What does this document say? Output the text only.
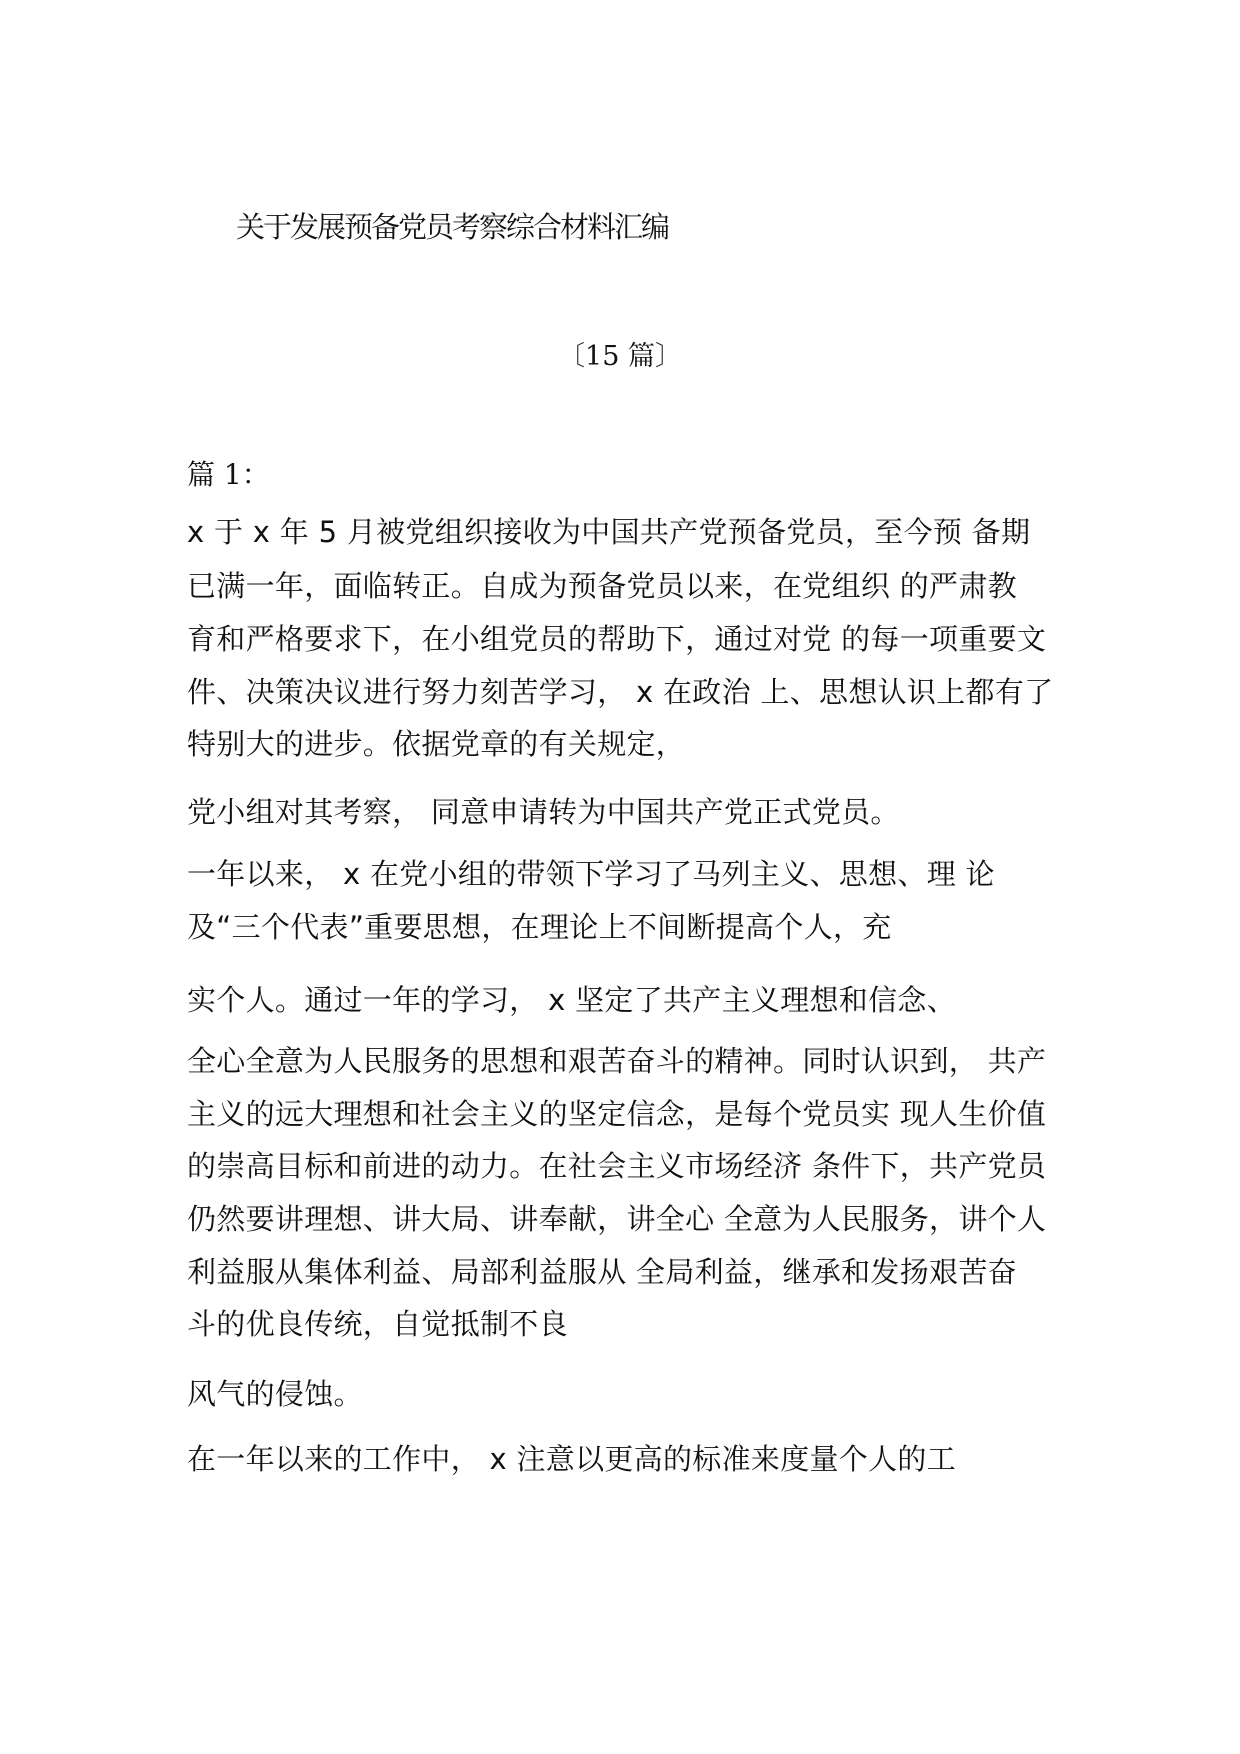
关于发展预备党员考察综合材料汇编
〔15 篇〕
篇 1：
x 于 x 年 5 月被党组织接收为中国共产党预备党员，至今预 备期
已满一年，面临转正。自成为预备党员以来，在党组织 的严肃教
育和严格要求下，在小组党员的帮助下，通过对党 的每一项重要文
件、决策决议进行努力刻苦学习， x 在政治 上、思想认识上都有了
特别大的进步。依据党章的有关规定，
党小组对其考察， 同意申请转为中国共产党正式党员。
一年以来， x 在党小组的带领下学习了马列主义、思想、理 论
及“三个代表”重要思想，在理论上不间断提高个人，充
实个人。通过一年的学习， x 坚定了共产主义理想和信念、
全心全意为人民服务的思想和艰苦奋斗的精神。同时认识到， 共产
主义的远大理想和社会主义的坚定信念，是每个党员实 现人生价值
的崇高目标和前进的动力。在社会主义市场经济 条件下，共产党员
仍然要讲理想、讲大局、讲奉献，讲全心 全意为人民服务，讲个人
利益服从集体利益、局部利益服从 全局利益，继承和发扬艰苦奋
斗的优良传统，自觉抵制不良
风气的侵蚀。
在一年以来的工作中， x 注意以更高的标准来度量个人的工
